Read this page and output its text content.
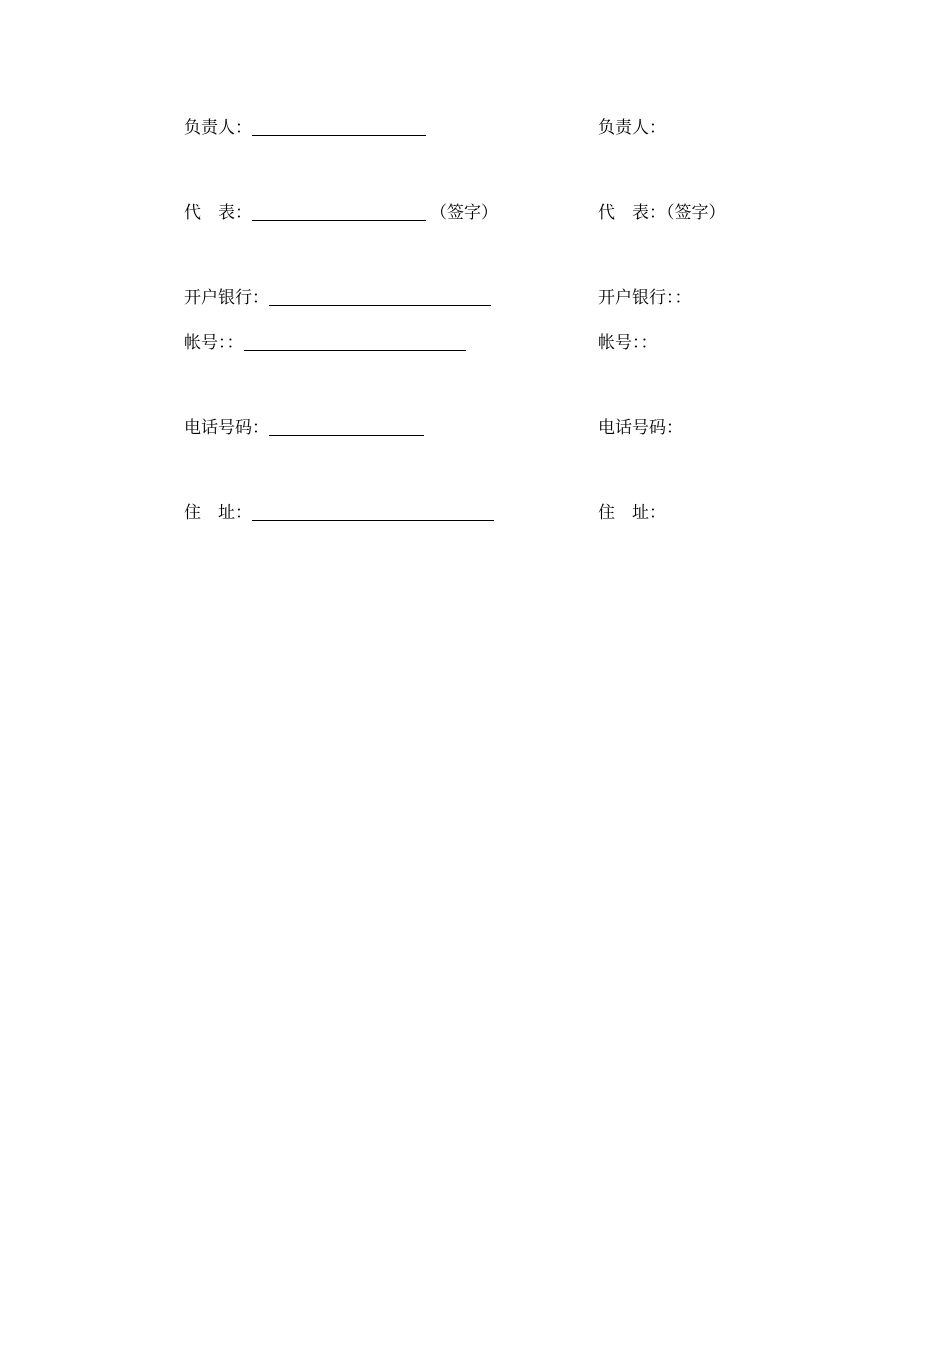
负责人：
代　表：	（签字）
开户银行：
帐号：：
电话号码：
住　址：
负责人：
代　表：（签字）
开户银行：：
帐号：：
电话号码：
住　址：
